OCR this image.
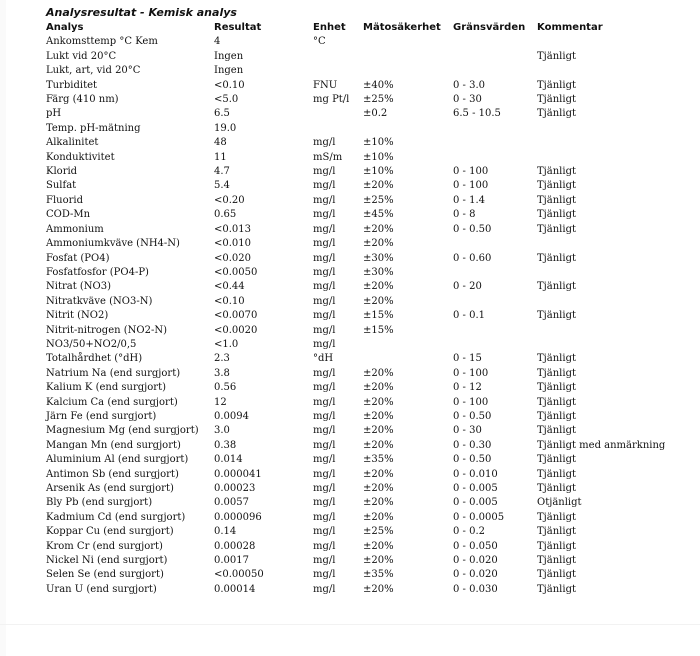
Analysresultat - Kemisk analys
Analys	Resultat	Enhet	Mätosäkerhet	Gränsvärden	Kommentar
Ankomsttemp °C Kem	4	°C			
Lukt vid 20°C	Ingen				Tjänligt
Lukt, art, vid 20°C	Ingen				
Turbiditet	<0.10	FNU	±40%	0 - 3.0	Tjänligt
Färg (410 nm)	<5.0	mg Pt/l	±25%	0 - 30	Tjänligt
pH	6.5		±0.2	6.5 - 10.5	Tjänligt
Temp. pH-mätning	19.0				
Alkalinitet	48	mg/l	±10%		
Konduktivitet	11	mS/m	±10%		
Klorid	4.7	mg/l	±10%	0 - 100	Tjänligt
Sulfat	5.4	mg/l	±20%	0 - 100	Tjänligt
Fluorid	<0.20	mg/l	±25%	0 - 1.4	Tjänligt
COD-Mn	0.65	mg/l	±45%	0 - 8	Tjänligt
Ammonium	<0.013	mg/l	±20%	0 - 0.50	Tjänligt
Ammoniumkväve (NH4-N)	<0.010	mg/l	±20%		
Fosfat (PO4)	<0.020	mg/l	±30%	0 - 0.60	Tjänligt
Fosfatfosfor (PO4-P)	<0.0050	mg/l	±30%		
Nitrat (NO3)	<0.44	mg/l	±20%	0 - 20	Tjänligt
Nitratkväve (NO3-N)	<0.10	mg/l	±20%		
Nitrit (NO2)	<0.0070	mg/l	±15%	0 - 0.1	Tjänligt
Nitrit-nitrogen (NO2-N)	<0.0020	mg/l	±15%		
NO3/50+NO2/0,5	<1.0	mg/l			
Totalhårdhet (°dH)	2.3	°dH		0 - 15	Tjänligt
Natrium Na (end surgjort)	3.8	mg/l	±20%	0 - 100	Tjänligt
Kalium K (end surgjort)	0.56	mg/l	±20%	0 - 12	Tjänligt
Kalcium Ca (end surgjort)	12	mg/l	±20%	0 - 100	Tjänligt
Järn Fe (end surgjort)	0.0094	mg/l	±20%	0 - 0.50	Tjänligt
Magnesium Mg (end surgjort)	3.0	mg/l	±20%	0 - 30	Tjänligt
Mangan Mn (end surgjort)	0.38	mg/l	±20%	0 - 0.30	Tjänligt med anmärkning
Aluminium Al (end surgjort)	0.014	mg/l	±35%	0 - 0.50	Tjänligt
Antimon Sb (end surgjort)	0.000041	mg/l	±20%	0 - 0.010	Tjänligt
Arsenik As (end surgjort)	0.00023	mg/l	±20%	0 - 0.005	Tjänligt
Bly Pb (end surgjort)	0.0057	mg/l	±20%	0 - 0.005	Otjänligt
Kadmium Cd (end surgjort)	0.000096	mg/l	±20%	0 - 0.0005	Tjänligt
Koppar Cu (end surgjort)	0.14	mg/l	±25%	0 - 0.2	Tjänligt
Krom Cr (end surgjort)	0.00028	mg/l	±20%	0 - 0.050	Tjänligt
Nickel Ni (end surgjort)	0.0017	mg/l	±20%	0 - 0.020	Tjänligt
Selen Se (end surgjort)	<0.00050	mg/l	±35%	0 - 0.020	Tjänligt
Uran U (end surgjort)	0.00014	mg/l	±20%	0 - 0.030	Tjänligt
